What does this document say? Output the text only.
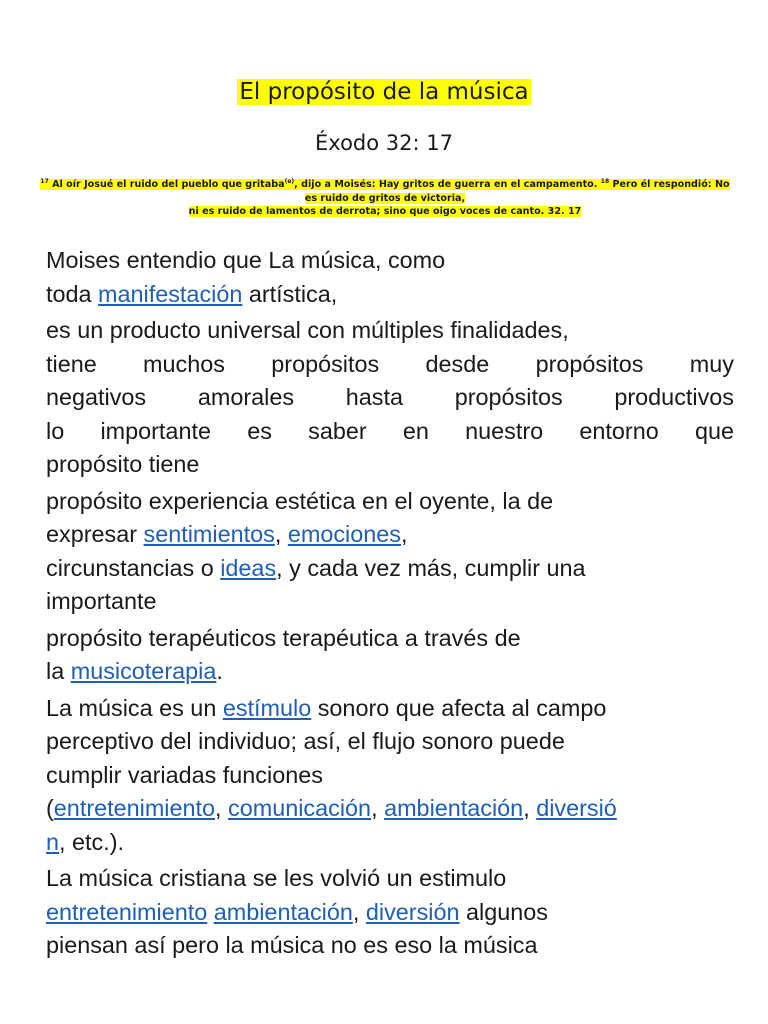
El propósito de la música
Éxodo 32: 17
$^{17}$ Al oír Josué el ruido del pueblo que gritaba$^{(e)}$, dijo a Moisés: Hay gritos de guerra en el campamento. $^{18}$ Pero él respondió: No es ruido de gritos de victoria,
ni es ruido de lamentos de derrota; sino que oigo voces de canto. 32. 17
Moises entendio que La música, como
toda manifestación artística,
es un producto universal con múltiples finalidades,
tiene muchos propósitos desde propósitos muy
negativos amorales hasta propósitos productivos
lo importante es saber en nuestro entorno que
propósito tiene
propósito experiencia estética en el oyente, la de
expresar sentimientos, emociones,
circunstancias o ideas, y cada vez más, cumplir una
importante
propósito terapéuticos terapéutica a través de
la musicoterapia.
La música es un estímulo sonoro que afecta al campo
perceptivo del individuo; así, el flujo sonoro puede
cumplir variadas funciones
(entretenimiento, comunicación, ambientación, diversió
n, etc.).
La música cristiana se les volvió un estimulo
entretenimiento ambientación, diversión algunos
piensan así pero la música no es eso la música
